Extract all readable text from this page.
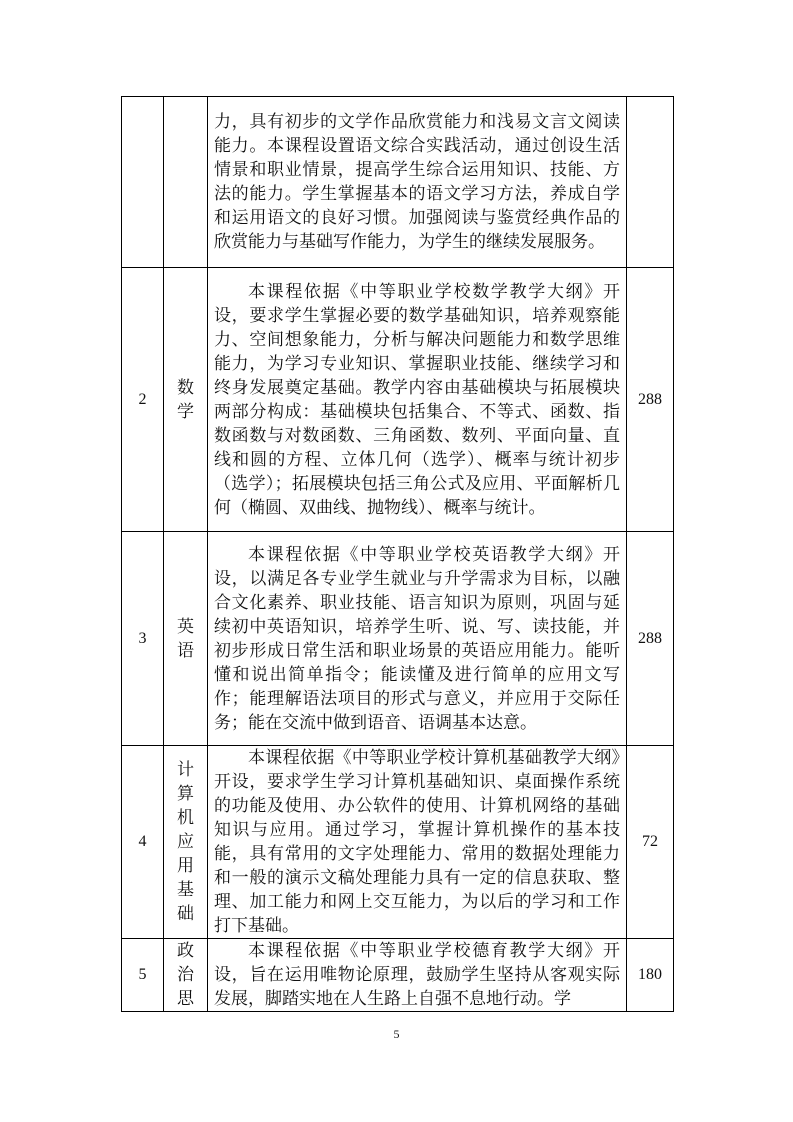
		力，具有初步的文学作品欣赏能力和浅易文言文阅读能力。本课程设置语文综合实践活动，通过创设生活情景和职业情景，提高学生综合运用知识、技能、方法的能力。学生掌握基本的语文学习方法，养成自学和运用语文的良好习惯。加强阅读与鉴赏经典作品的欣赏能力与基础写作能力，为学生的继续发展服务。	

2	数学	本课程依据《中等职业学校数学教学大纲》开设，要求学生掌握必要的数学基础知识，培养观察能力、空间想象能力，分析与解决问题能力和数学思维能力，为学习专业知识、掌握职业技能、继续学习和终身发展奠定基础。教学内容由基础模块与拓展模块两部分构成：基础模块包括集合、不等式、函数、指数函数与对数函数、三角函数、数列、平面向量、直线和圆的方程、立体几何（选学）、概率与统计初步（选学）；拓展模块包括三角公式及应用、平面解析几何（椭圆、双曲线、抛物线）、概率与统计。	288
3	英语	本课程依据《中等职业学校英语教学大纲》开设，以满足各专业学生就业与升学需求为目标，以融合文化素养、职业技能、语言知识为原则，巩固与延续初中英语知识，培养学生听、说、写、读技能，并初步形成日常生活和职业场景的英语应用能力。能听懂和说出简单指令；能读懂及进行简单的应用文写作；能理解语法项目的形式与意义，并应用于交际任务；能在交流中做到语音、语调基本达意。	288
4	计算机应用基础	本课程依据《中等职业学校计算机基础教学大纲》开设，要求学生学习计算机基础知识、桌面操作系统的功能及使用、办公软件的使用、计算机网络的基础知识与应用。通过学习，掌握计算机操作的基本技能，具有常用的文字处理能力、常用的数据处理能力和一般的演示文稿处理能力具有一定的信息获取、整理、加工能力和网上交互能力，为以后的学习和工作打下基础。	72
5	政治思	本课程依据《中等职业学校德育教学大纲》开设，旨在运用唯物论原理，鼓励学生坚持从客观实际发展，脚踏实地在人生路上自强不息地行动。学	180
5
